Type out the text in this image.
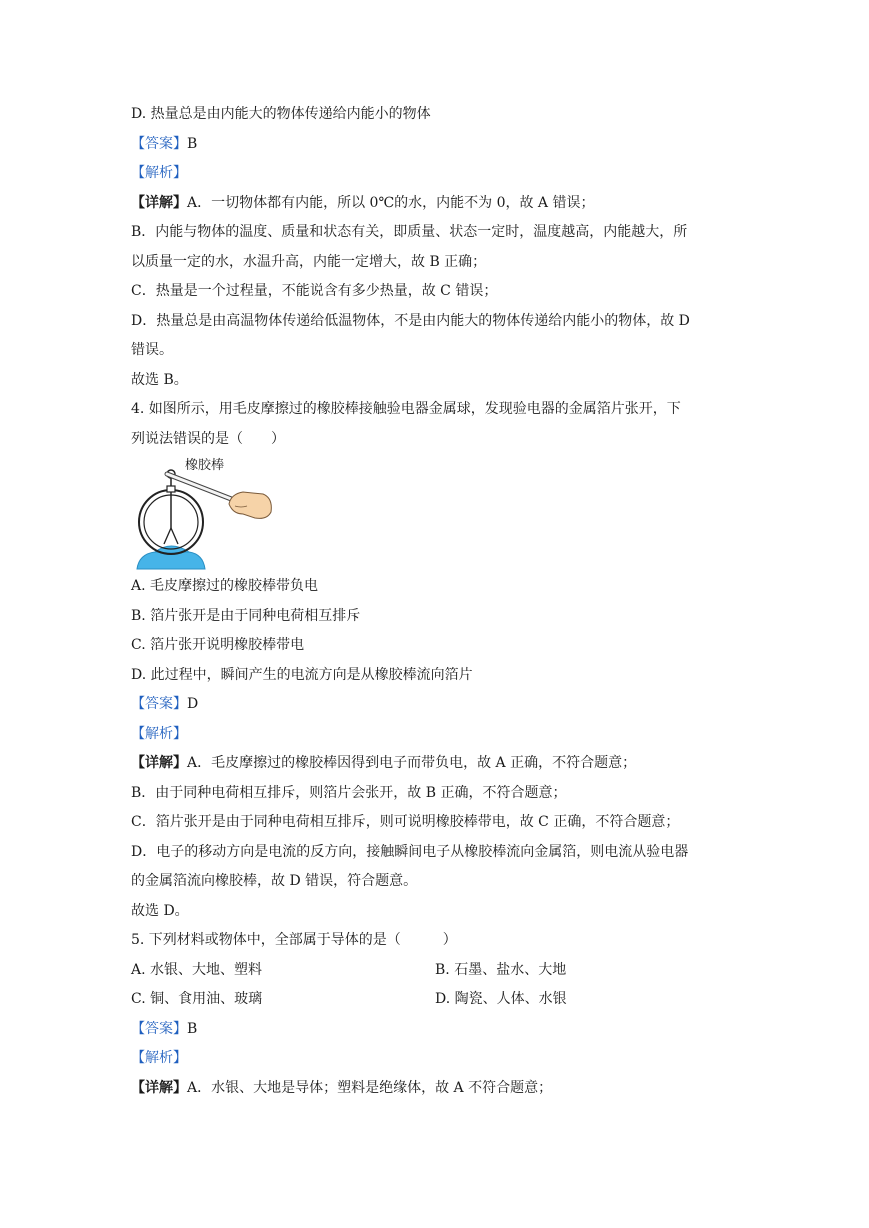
D. 热量总是由内能大的物体传递给内能小的物体
【答案】B
【解析】
【详解】A．一切物体都有内能，所以 0℃的水，内能不为 0，故 A 错误；
B．内能与物体的温度、质量和状态有关，即质量、状态一定时，温度越高，内能越大，所
以质量一定的水，水温升高，内能一定增大，故 B 正确；
C．热量是一个过程量，不能说含有多少热量，故 C 错误；
D．热量总是由高温物体传递给低温物体，不是由内能大的物体传递给内能小的物体，故 D
错误。
故选 B。
4. 如图所示，用毛皮摩擦过的橡胶棒接触验电器金属球，发现验电器的金属箔片张开，下
列说法错误的是（　　）
橡胶棒
A. 毛皮摩擦过的橡胶棒带负电
B. 箔片张开是由于同种电荷相互排斥
C. 箔片张开说明橡胶棒带电
D. 此过程中，瞬间产生的电流方向是从橡胶棒流向箔片
【答案】D
【解析】
【详解】A．毛皮摩擦过的橡胶棒因得到电子而带负电，故 A 正确，不符合题意；
B．由于同种电荷相互排斥，则箔片会张开，故 B 正确，不符合题意；
C．箔片张开是由于同种电荷相互排斥，则可说明橡胶棒带电，故 C 正确，不符合题意；
D．电子的移动方向是电流的反方向，接触瞬间电子从橡胶棒流向金属箔，则电流从验电器
的金属箔流向橡胶棒，故 D 错误，符合题意。
故选 D。
5. 下列材料或物体中，全部属于导体的是（　　　）
A. 水银、大地、塑料	B. 石墨、盐水、大地
C. 铜、食用油、玻璃	D. 陶瓷、人体、水银
【答案】B
【解析】
【详解】A．水银、大地是导体；塑料是绝缘体，故 A 不符合题意；
